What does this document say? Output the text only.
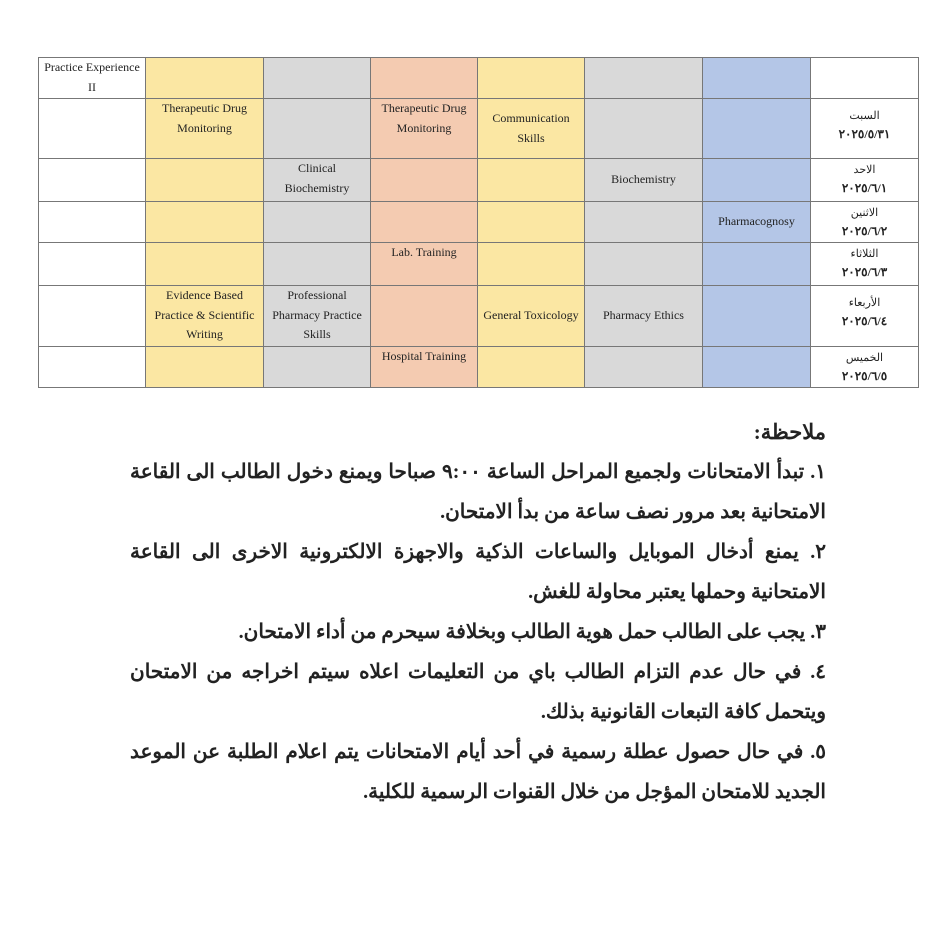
Practice Experience II							
	Therapeutic Drug Monitoring		Therapeutic Drug Monitoring	Communication Skills			السبت
٢٠٢٥/٥/٣١

		Clinical Biochemistry			Biochemistry		الاحد
٢٠٢٥/٦/١

						Pharmacognosy	الاثنين
٢٠٢٥/٦/٢

			Lab. Training				الثلاثاء
٢٠٢٥/٦/٣

	Evidence Based Practice & Scientific Writing	Professional Pharmacy Practice Skills		General Toxicology	Pharmacy Ethics		الأربعاء
٢٠٢٥/٦/٤

			Hospital Training				الخميس
٢٠٢٥/٦/٥

ملاحظة:

١. تبدأ الامتحانات ولجميع المراحل الساعة ٩:٠٠ صباحا ويمنع دخول الطالب الى القاعة الامتحانية بعد مرور نصف ساعة من بدأ الامتحان.

٢. يمنع أدخال الموبايل والساعات الذكية والاجهزة الالكترونية الاخرى الى القاعة الامتحانية وحملها يعتبر محاولة للغش.

٣. يجب على الطالب حمل هوية الطالب وبخلافة سيحرم من أداء الامتحان.

٤. في حال عدم التزام الطالب باي من التعليمات اعلاه سيتم اخراجه من الامتحان ويتحمل كافة التبعات القانونية بذلك.

٥. في حال حصول عطلة رسمية في أحد أيام الامتحانات يتم اعلام الطلبة عن الموعد الجديد للامتحان المؤجل من خلال القنوات الرسمية للكلية.
